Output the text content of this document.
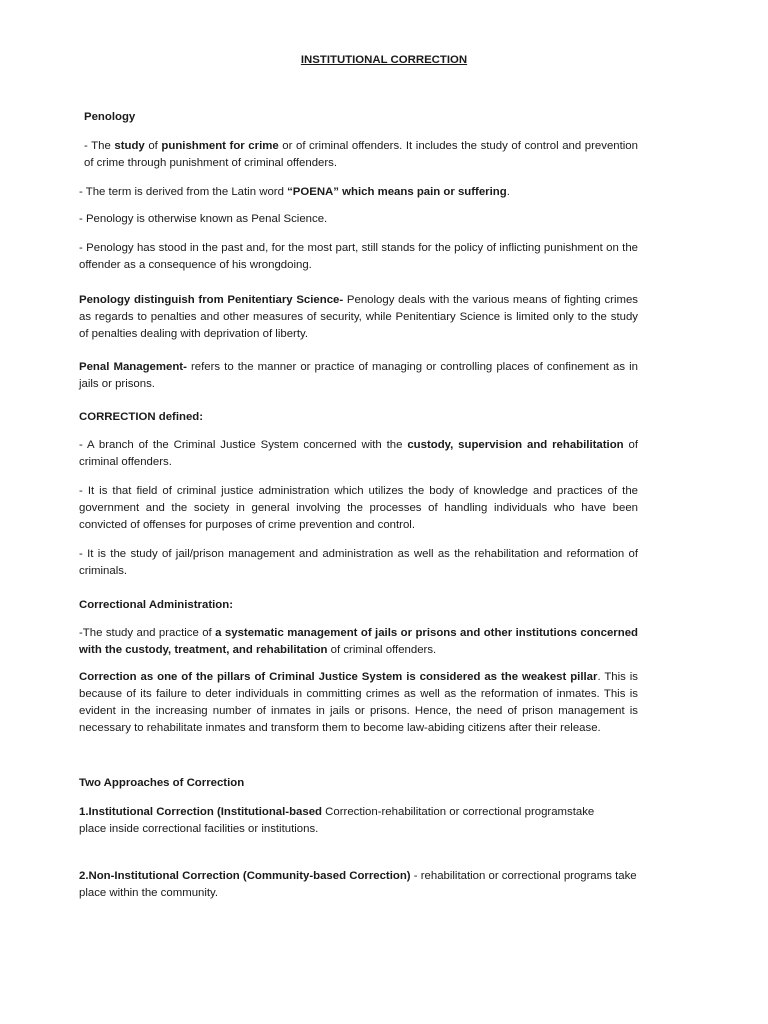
INSTITUTIONAL CORRECTION
Penology

- The study of punishment for crime or of criminal offenders. It includes the study of control and prevention of crime through punishment of criminal offenders.

- The term is derived from the Latin word “POENA” which means pain or suffering.

- Penology is otherwise known as Penal Science.

- Penology has stood in the past and, for the most part, still stands for the policy of inflicting punishment on the offender as a consequence of his wrongdoing.

Penology distinguish from Penitentiary Science- Penology deals with the various means of fighting crimes as regards to penalties and other measures of security, while Penitentiary Science is limited only to the study of penalties dealing with deprivation of liberty.

Penal Management- refers to the manner or practice of managing or controlling places of confinement as in jails or prisons.

CORRECTION defined:

- A branch of the Criminal Justice System concerned with the custody, supervision and rehabilitation of criminal offenders.

- It is that field of criminal justice administration which utilizes the body of knowledge and practices of the government and the society in general involving the processes of handling individuals who have been convicted of offenses for purposes of crime prevention and control.

- It is the study of jail/prison management and administration as well as the rehabilitation and reformation of criminals.

Correctional Administration:

-The study and practice of a systematic management of jails or prisons and other institutions concerned with the custody, treatment, and rehabilitation of criminal offenders.

Correction as one of the pillars of Criminal Justice System is considered as the weakest pillar. This is because of its failure to deter individuals in committing crimes as well as the reformation of inmates. This is evident in the increasing number of inmates in jails or prisons. Hence, the need of prison management is necessary to rehabilitate inmates and transform them to become law-abiding citizens after their release.

Two Approaches of Correction

1.Institutional Correction (Institutional-based Correction-rehabilitation or correctional programstake place inside correctional facilities or institutions.

2.Non-Institutional Correction (Community-based Correction) - rehabilitation or correctional programs take place within the community.
